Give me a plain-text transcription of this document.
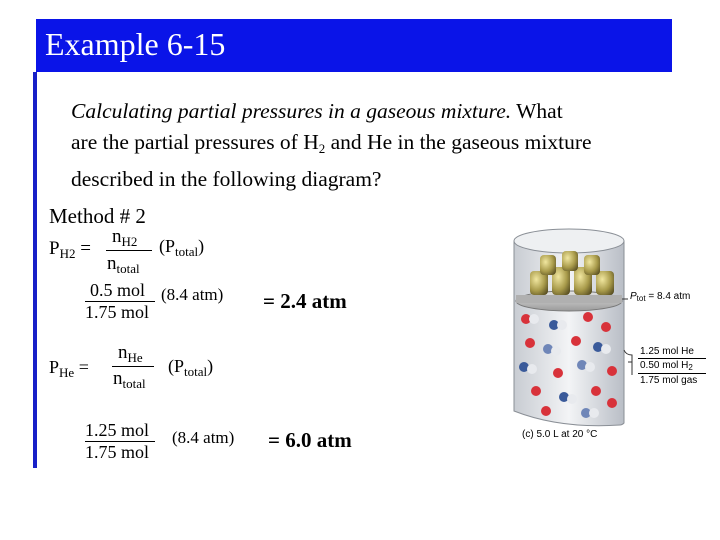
Example 6-15
Calculating partial pressures in a gaseous mixture. What
are the partial pressures of $H_2$ and He in the gaseous mixture
described in the following diagram?
Method # 2
$P_{H2}$ =
$n_{H2}$
$n_{total}$
$(P_{total})$
0.5 mol
1.75 mol
(8.4 atm) = 2.4 atm
$P_{He}$ =
$n_{He}$
$n_{total}$
$(P_{total})$
1.25 mol
1.75 mol
(8.4 atm) = 6.0 atm
$P_{tot} = 8.4$ atm
1.25 mol He
0.50 mol $H_2$
1.75 mol gas
(c) 5.0 L at 20 °C
